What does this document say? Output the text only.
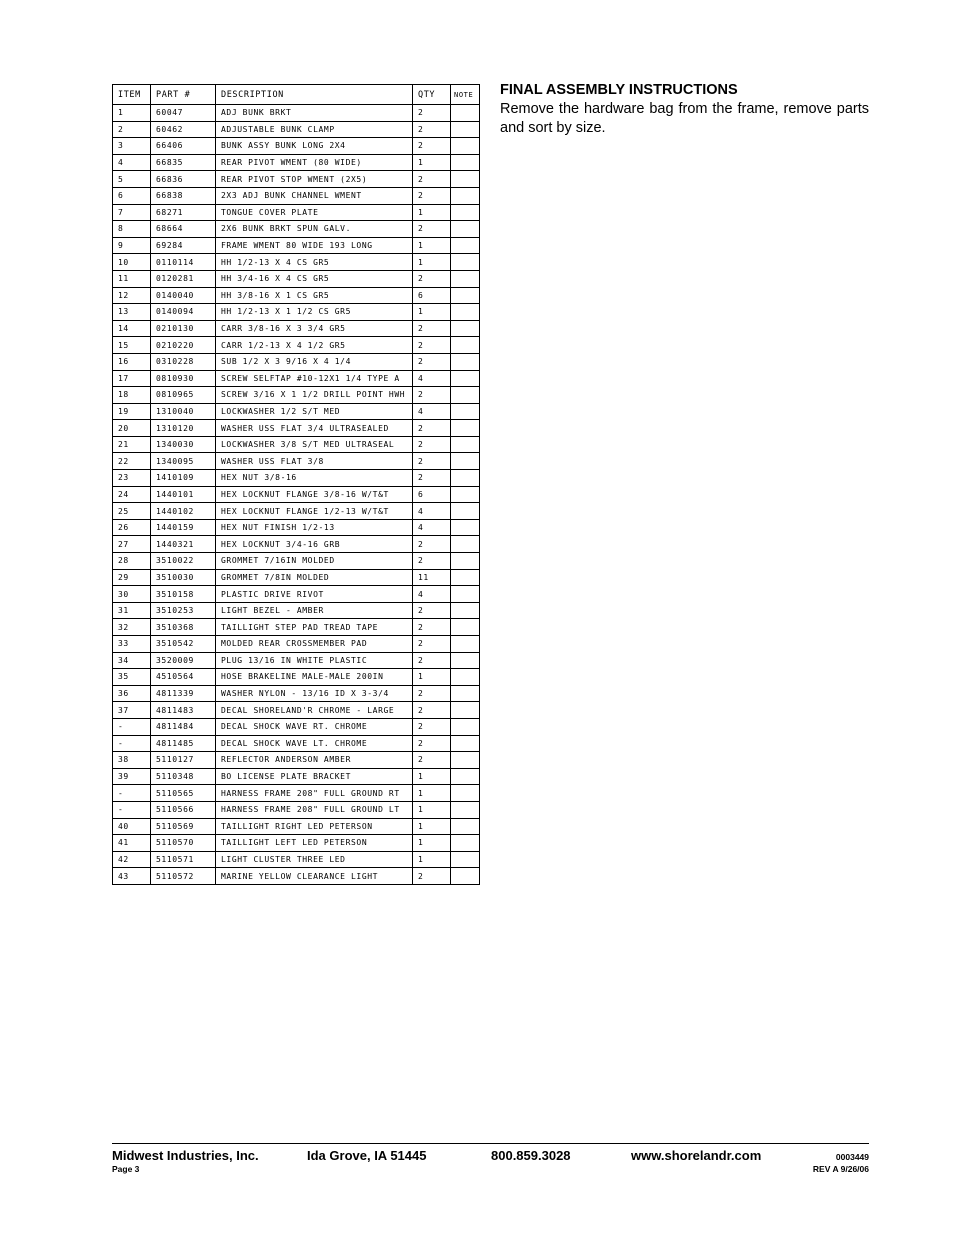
ITEM	PART #	DESCRIPTION	QTY	NOTE
1	60047	ADJ BUNK BRKT	2	
2	60462	ADJUSTABLE BUNK CLAMP	2	
3	66406	BUNK ASSY BUNK LONG 2X4	2	
4	66835	REAR PIVOT WMENT (80 WIDE)	1	
5	66836	REAR PIVOT STOP WMENT (2X5)	2	
6	66838	2X3 ADJ BUNK CHANNEL WMENT	2	
7	68271	TONGUE COVER PLATE	1	
8	68664	2X6 BUNK BRKT SPUN GALV.	2	
9	69284	FRAME WMENT 80 WIDE 193 LONG	1	
10	0110114	HH 1/2-13 X 4 CS GR5	1	
11	0120281	HH 3/4-16 X 4 CS GR5	2	
12	0140040	HH 3/8-16 X 1 CS GR5	6	
13	0140094	HH 1/2-13 X 1 1/2 CS GR5	1	
14	0210130	CARR 3/8-16 X 3 3/4 GR5	2	
15	0210220	CARR 1/2-13 X 4 1/2 GR5	2	
16	0310228	SUB 1/2 X 3 9/16 X 4 1/4	2	
17	0810930	SCREW SELFTAP #10-12X1 1/4 TYPE A	4	
18	0810965	SCREW 3/16 X 1 1/2 DRILL POINT HWH	2	
19	1310040	LOCKWASHER 1/2 S/T MED	4	
20	1310120	WASHER USS FLAT 3/4 ULTRASEALED	2	
21	1340030	LOCKWASHER 3/8 S/T MED ULTRASEAL	2	
22	1340095	WASHER USS FLAT 3/8	2	
23	1410109	HEX NUT 3/8-16	2	
24	1440101	HEX LOCKNUT FLANGE 3/8-16 W/T&T	6	
25	1440102	HEX LOCKNUT FLANGE 1/2-13 W/T&T	4	
26	1440159	HEX NUT FINISH 1/2-13	4	
27	1440321	HEX LOCKNUT 3/4-16 GRB	2	
28	3510022	GROMMET 7/16IN MOLDED	2	
29	3510030	GROMMET 7/8IN MOLDED	11	
30	3510158	PLASTIC DRIVE RIVOT	4	
31	3510253	LIGHT BEZEL - AMBER	2	
32	3510368	TAILLIGHT STEP PAD TREAD TAPE	2	
33	3510542	MOLDED REAR CROSSMEMBER PAD	2	
34	3520009	PLUG 13/16 IN WHITE PLASTIC	2	
35	4510564	HOSE BRAKELINE MALE-MALE 200IN	1	
36	4811339	WASHER NYLON - 13/16 ID X 3-3/4	2	
37	4811483	DECAL SHORELAND'R CHROME - LARGE	2	
-	4811484	DECAL SHOCK WAVE RT. CHROME	2	
-	4811485	DECAL SHOCK WAVE LT. CHROME	2	
38	5110127	REFLECTOR ANDERSON AMBER	2	
39	5110348	BO LICENSE PLATE BRACKET	1	
-	5110565	HARNESS FRAME 208" FULL GROUND RT	1	
-	5110566	HARNESS FRAME 208" FULL GROUND LT	1	
40	5110569	TAILLIGHT RIGHT LED PETERSON	1	
41	5110570	TAILLIGHT LEFT LED PETERSON	1	
42	5110571	LIGHT CLUSTER THREE LED	1	
43	5110572	MARINE YELLOW CLEARANCE LIGHT	2	
FINAL ASSEMBLY INSTRUCTIONS

Remove the hardware bag from the frame, remove parts and sort by size.

Midwest Industries, Inc.	Ida Grove, IA 51445	800.859.3028	www.shorelandr.com
Page 3
0003449
REV A 9/26/06
